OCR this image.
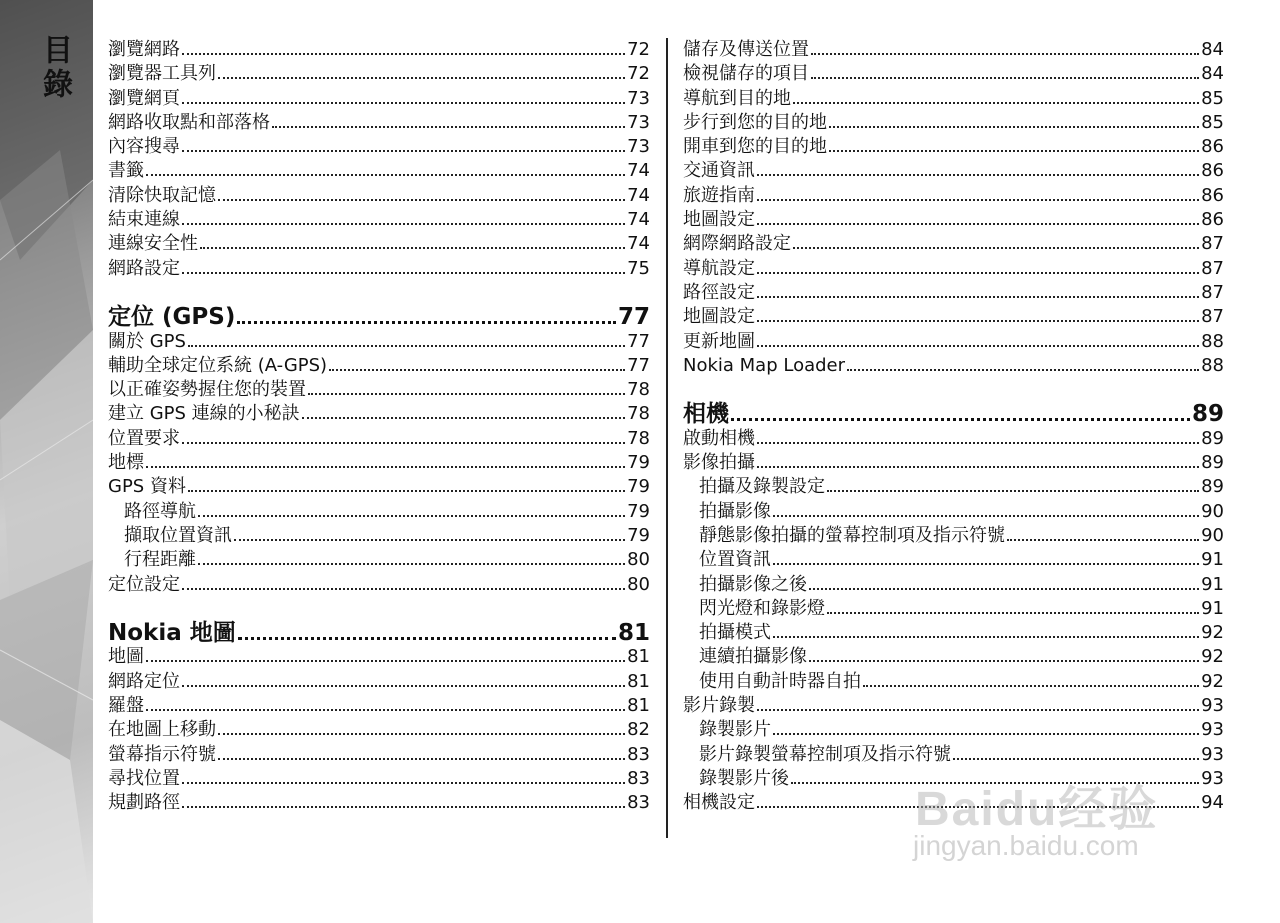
目錄 瀏覽網路	72
瀏覽器工具列	72
瀏覽網頁	73
網路收取點和部落格	73
內容搜尋	73
書籤	74
清除快取記憶	74
結束連線	74
連線安全性	74
網路設定	75
定位 (GPS)	77
關於 GPS	77
輔助全球定位系統 (A-GPS)	77
以正確姿勢握住您的裝置	78
建立 GPS 連線的小秘訣	78
位置要求	78
地標	79
GPS 資料	79
路徑導航	79
擷取位置資訊	79
行程距離	80
定位設定	80
Nokia 地圖	81
地圖	81
網路定位	81
羅盤	81
在地圖上移動	82
螢幕指示符號	83
尋找位置	83
規劃路徑	83
儲存及傳送位置	84
檢視儲存的項目	84
導航到目的地	85
步行到您的目的地	85
開車到您的目的地	86
交通資訊	86
旅遊指南	86
地圖設定	86
網際網路設定	87
導航設定	87
路徑設定	87
地圖設定	87
更新地圖	88
Nokia Map Loader	88
相機	89
啟動相機	89
影像拍攝	89
拍攝及錄製設定	89
拍攝影像	90
靜態影像拍攝的螢幕控制項及指示符號	90
位置資訊	91
拍攝影像之後	91
閃光燈和錄影燈	91
拍攝模式	92
連續拍攝影像	92
使用自動計時器自拍	92
影片錄製	93
錄製影片	93
影片錄製螢幕控制項及指示符號	93
錄製影片後	93
相機設定	94
Baidu经验
jingyan.baidu.com
